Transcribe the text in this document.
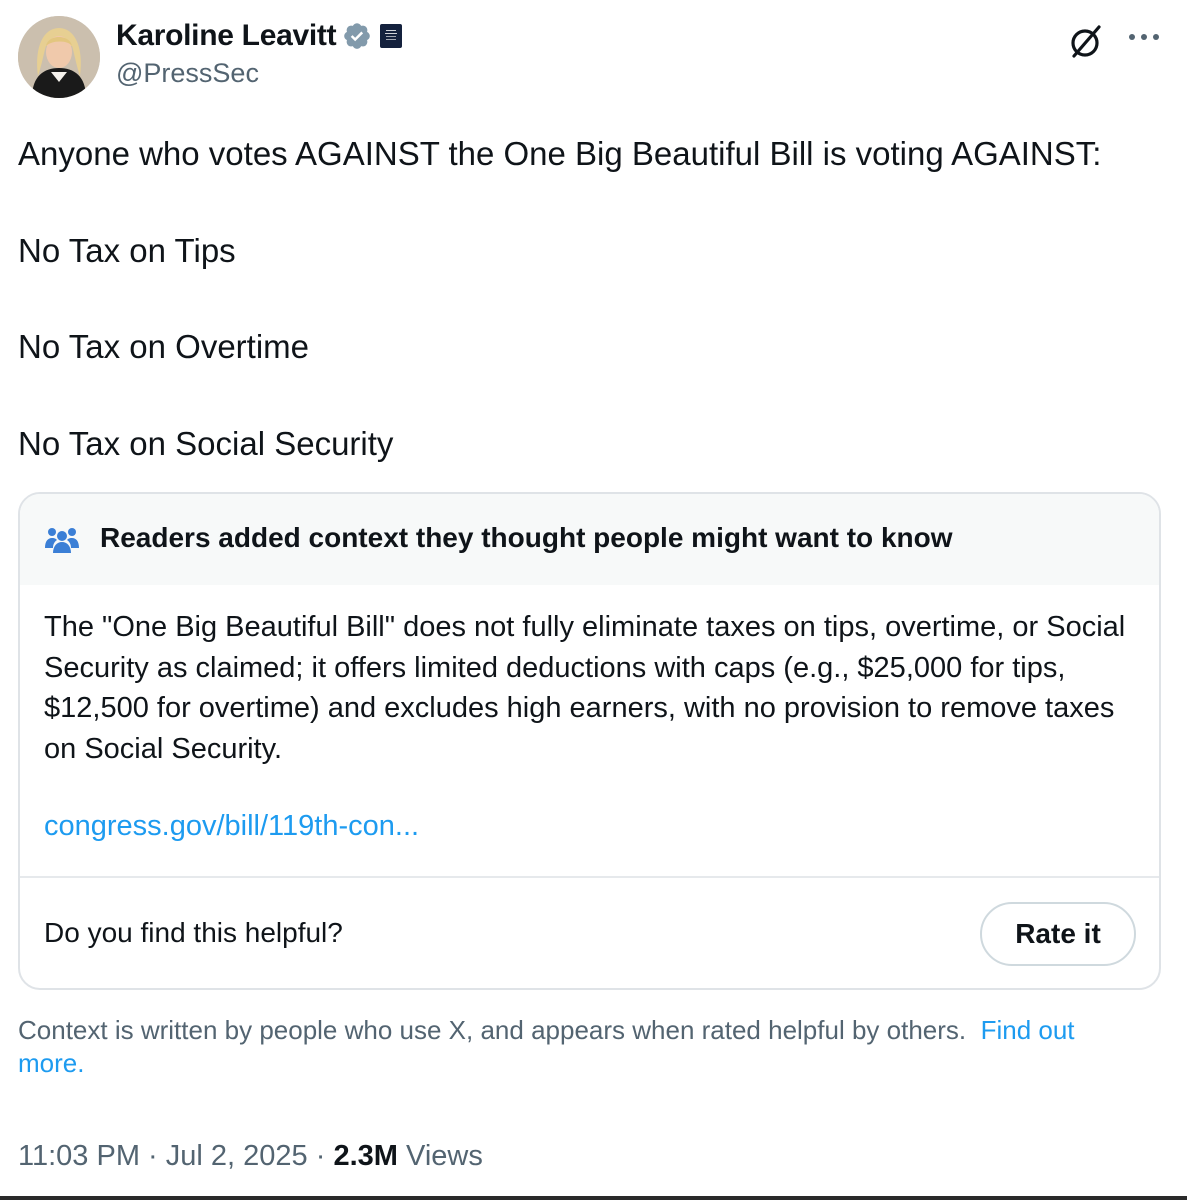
Karoline Leavitt
@PressSec
Anyone who votes AGAINST the One Big Beautiful Bill is voting AGAINST:
No Tax on Tips
No Tax on Overtime
No Tax on Social Security
Readers added context they thought people might want to know
The "One Big Beautiful Bill" does not fully eliminate taxes on tips, overtime, or Social Security as claimed; it offers limited deductions with caps (e.g., $25,000 for tips, $12,500 for overtime) and excludes high earners, with no provision to remove taxes on Social Security.
congress.gov/bill/119th-con...
Do you find this helpful?	Rate it
Context is written by people who use X, and appears when rated helpful by others. Find out more.
11:03 PM · Jul 2, 2025 · 2.3M Views
